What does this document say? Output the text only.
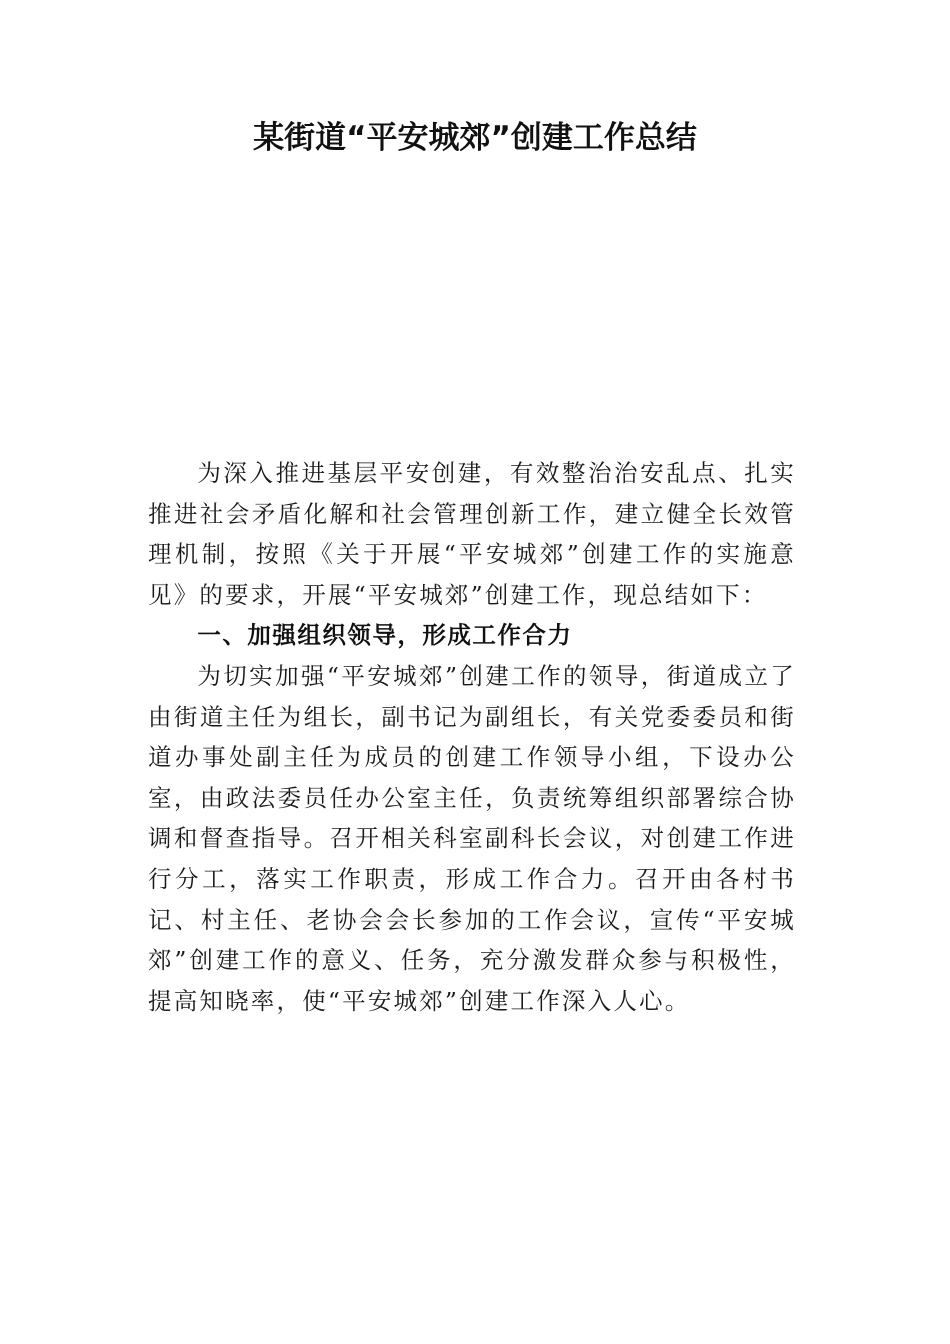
某街道“平安城郊”创建工作总结

为深入推进基层平安创建，有效整治治安乱点、扎实推进社会矛盾化解和社会管理创新工作，建立健全长效管理机制，按照《关于开展“平安城郊”创建工作的实施意见》的要求，开展“平安城郊”创建工作，现总结如下：

一、加强组织领导，形成工作合力

为切实加强“平安城郊”创建工作的领导，街道成立了由街道主任为组长，副书记为副组长，有关党委委员和街道办事处副主任为成员的创建工作领导小组，下设办公室，由政法委员任办公室主任，负责统筹组织部署综合协调和督查指导。召开相关科室副科长会议，对创建工作进行分工，落实工作职责，形成工作合力。召开由各村书记、村主任、老协会会长参加的工作会议，宣传“平安城郊”创建工作的意义、任务，充分激发群众参与积极性，提高知晓率，使“平安城郊”创建工作深入人心。
